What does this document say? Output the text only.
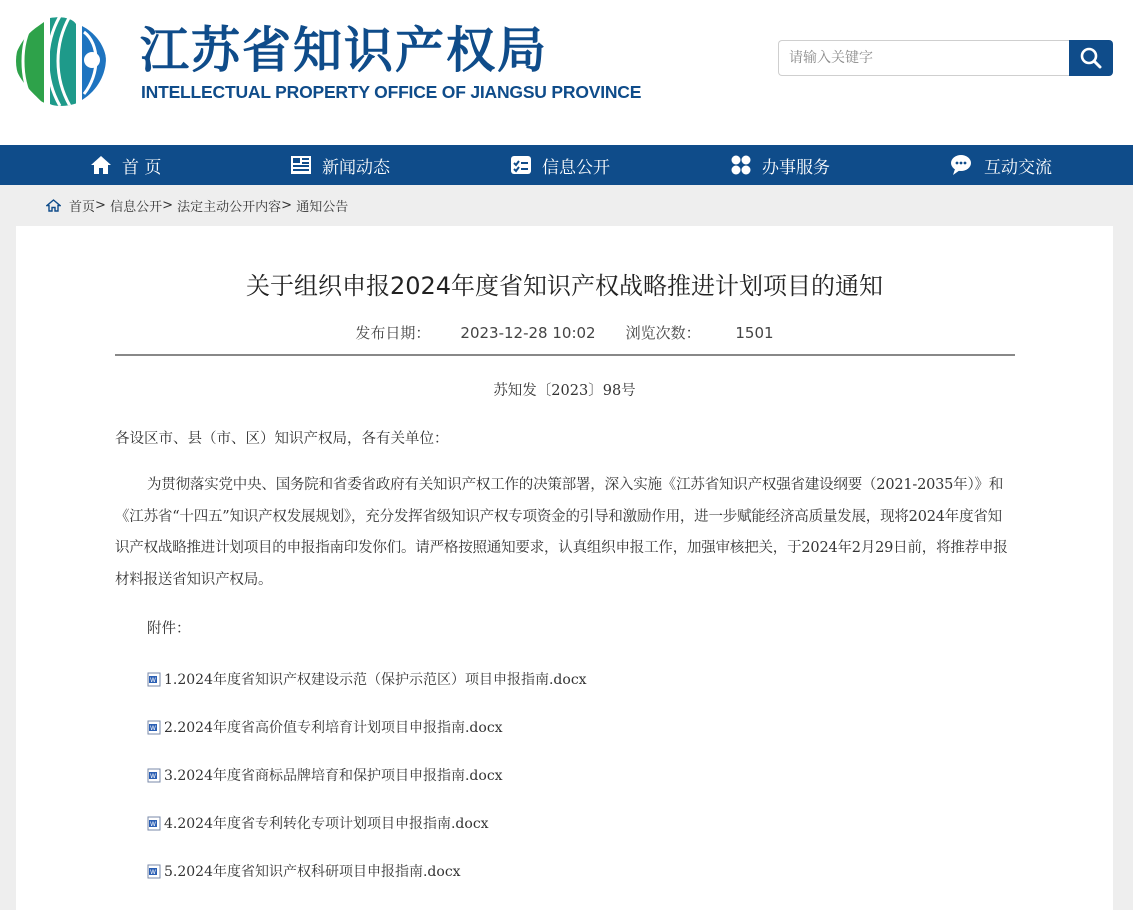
江苏省知识产权局
INTELLECTUAL PROPERTY OFFICE OF JIANGSU PROVINCE
请输入关键字
首 页	新闻动态	信息公开	办事服务	互动交流
首页 >
信息公开 >
法定主动公开内容 >
通知公告
关于组织申报2024年度省知识产权战略推进计划项目的通知
发布日期： 2023-12-28 10:02 浏览次数： 1501
苏知发〔2023〕98号

各设区市、县（市、区）知识产权局，各有关单位：

为贯彻落实党中央、国务院和省委省政府有关知识产权工作的决策部署，深入实施《江苏省知识产权强省建设纲要（2021-2035年）》和《江苏省“十四五”知识产权发展规划》，充分发挥省级知识产权专项资金的引导和激励作用，进一步赋能经济高质量发展，现将2024年度省知识产权战略推进计划项目的申报指南印发你们。请严格按照通知要求，认真组织申报工作，加强审核把关，于2024年2月29日前，将推荐申报材料报送省知识产权局。

附件：

W 1.2024年度省知识产权建设示范（保护示范区）项目申报指南.docx
W 2.2024年度省高价值专利培育计划项目申报指南.docx
W 3.2024年度省商标品牌培育和保护项目申报指南.docx
W 4.2024年度省专利转化专项计划项目申报指南.docx
W 5.2024年度省知识产权科研项目申报指南.docx
